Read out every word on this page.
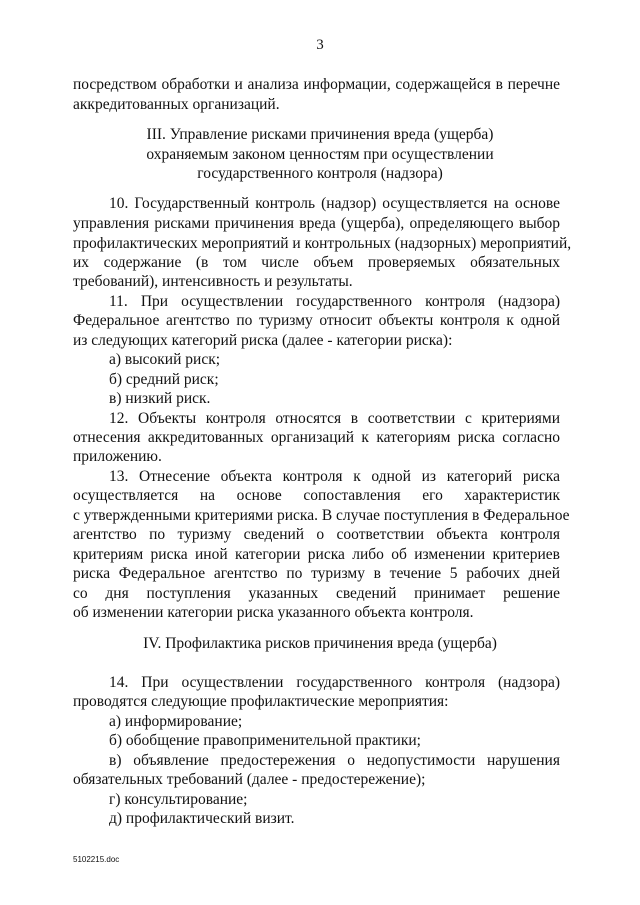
3
посредством обработки и анализа информации, содержащейся в перечне
аккредитованных организаций.
III. Управление рисками причинения вреда (ущерба)
охраняемым законом ценностям при осуществлении
государственного контроля (надзора)
10. Государственный контроль (надзор) осуществляется на основе
управления рисками причинения вреда (ущерба), определяющего выбор
профилактических мероприятий и контрольных (надзорных) мероприятий,
их содержание (в том числе объем проверяемых обязательных
требований), интенсивность и результаты.
11. При осуществлении государственного контроля (надзора)
Федеральное агентство по туризму относит объекты контроля к одной
из следующих категорий риска (далее - категории риска):
а) высокий риск;
б) средний риск;
в) низкий риск.
12. Объекты контроля относятся в соответствии с критериями
отнесения аккредитованных организаций к категориям риска согласно
приложению.
13. Отнесение объекта контроля к одной из категорий риска
осуществляется на основе сопоставления его характеристик
с утвержденными критериями риска. В случае поступления в Федеральное
агентство по туризму сведений о соответствии объекта контроля
критериям риска иной категории риска либо об изменении критериев
риска Федеральное агентство по туризму в течение 5 рабочих дней
со дня поступления указанных сведений принимает решение
об изменении категории риска указанного объекта контроля.
IV. Профилактика рисков причинения вреда (ущерба)
14. При осуществлении государственного контроля (надзора)
проводятся следующие профилактические мероприятия:
а) информирование;
б) обобщение правоприменительной практики;
в) объявление предостережения о недопустимости нарушения
обязательных требований (далее - предостережение);
г) консультирование;
д) профилактический визит.
5102215.doc
